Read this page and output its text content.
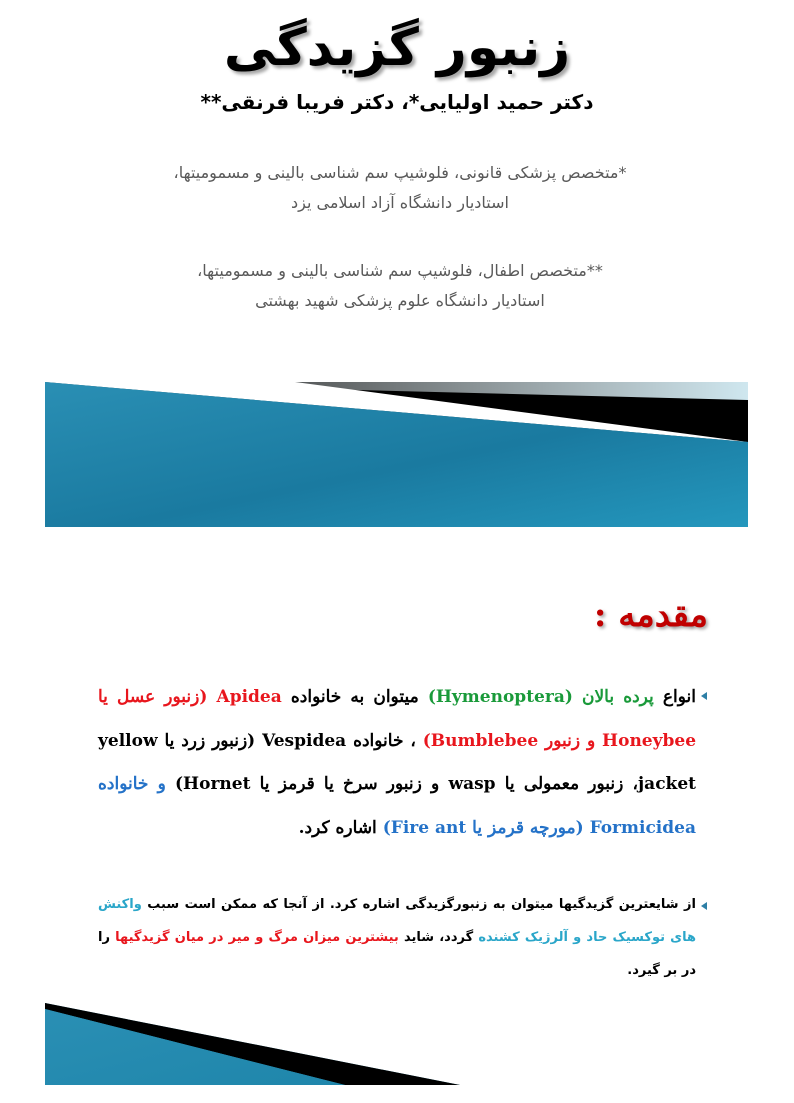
زنبور گزیدگی
دکتر حمید اولیایی*، دکتر فریبا فرنقی**
*متخصص پزشکی قانونی، فلوشیپ سم شناسی بالینی و مسمومیتها،
استادیار دانشگاه آزاد اسلامی یزد
**متخصص اطفال، فلوشیپ سم شناسی بالینی و مسمومیتها،
استادیار دانشگاه علوم پزشکی شهید بهشتی
مقدمه :
انواع پرده بالان (Hymenoptera) میتوان به خانواده Apidea (زنبور عسل یا Honeybee و زنبور Bumblebee) ، خانواده Vespidea (زنبور زرد یا yellow jacket، زنبور معمولی یا wasp و زنبور سرخ یا قرمز یا Hornet) و خانواده Formicidea (مورچه قرمز یا Fire ant) اشاره کرد.
از شایعترین گزیدگیها میتوان به زنبورگزیدگی اشاره کرد. از آنجا که ممکن است سبب واکنش های توکسیک حاد و آلرژیک کشنده گردد، شاید بیشترین میزان مرگ و میر در میان گزیدگیها را در بر گیرد.
